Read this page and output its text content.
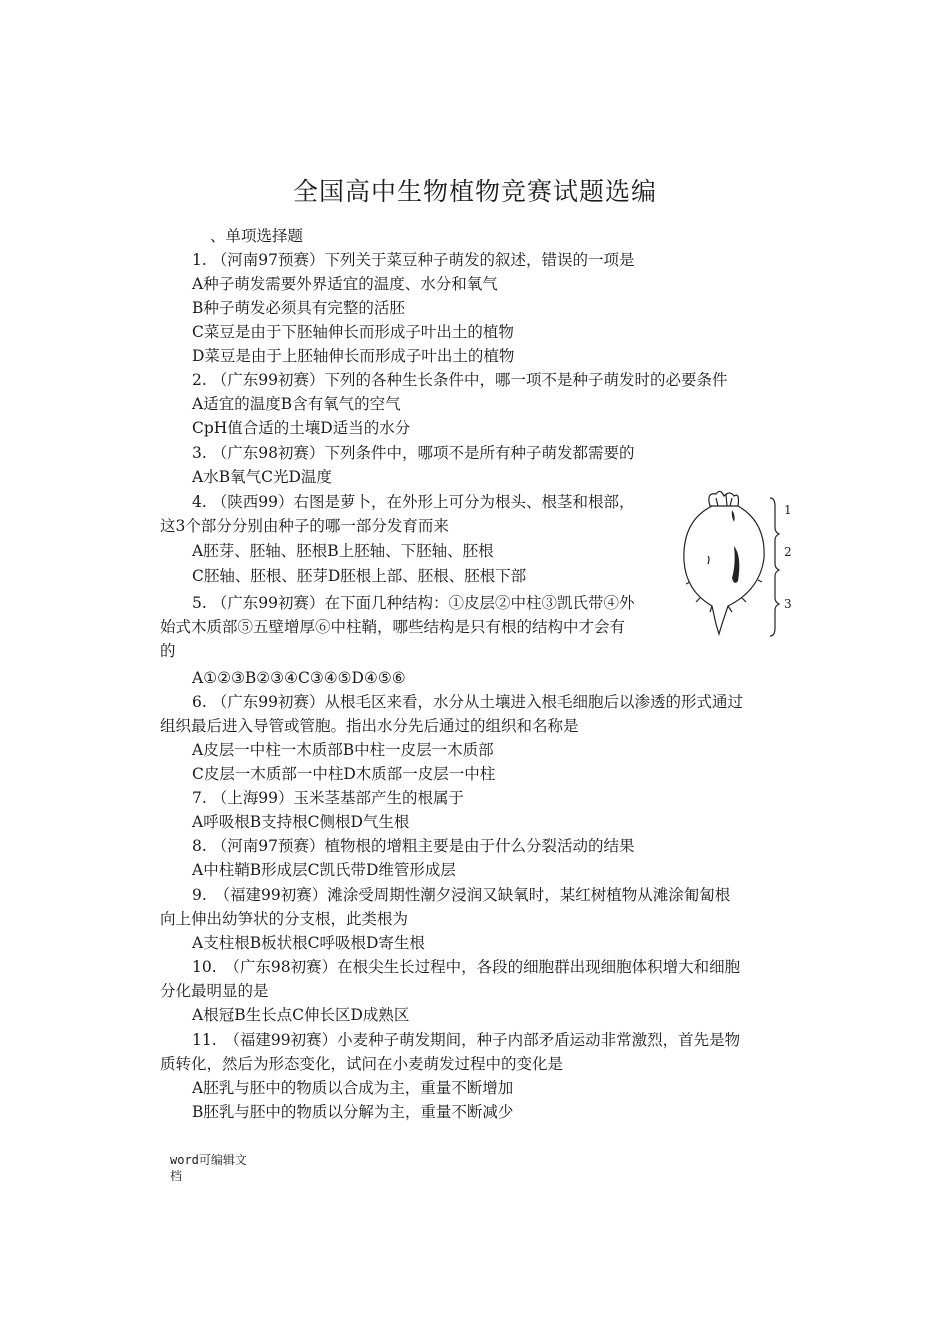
全国高中生物植物竞赛试题选编
、单项选择题
1. （河南97预赛）下列关于菜豆种子萌发的叙述，错误的一项是
A种子萌发需要外界适宜的温度、水分和氧气
B种子萌发必须具有完整的活胚
C菜豆是由于下胚轴伸长而形成子叶出土的植物
D菜豆是由于上胚轴伸长而形成子叶出土的植物
2. （广东99初赛）下列的各种生长条件中，哪一项不是种子萌发时的必要条件
A适宜的温度B含有氧气的空气
CpH值合适的土壤D适当的水分
3. （广东98初赛）下列条件中，哪项不是所有种子萌发都需要的
A水B氧气C光D温度
4. （陕西99）右图是萝卜，在外形上可分为根头、根茎和根部，
这3个部分分别由种子的哪一部分发育而来
A胚芽、胚轴、胚根B上胚轴、下胚轴、胚根
C胚轴、胚根、胚芽D胚根上部、胚根、胚根下部
5. （广东99初赛）在下面几种结构：①皮层②中柱③凯氏带④外
始式木质部⑤五壁增厚⑥中柱鞘，哪些结构是只有根的结构中才会有
的
A①②③B②③④C③④⑤D④⑤⑥
6. （广东99初赛）从根毛区来看，水分从土壤进入根毛细胞后以渗透的形式通过
组织最后进入导管或管胞。指出水分先后通过的组织和名称是
A皮层一中柱一木质部B中柱一皮层一木质部
C皮层一木质部一中柱D木质部一皮层一中柱
7. （上海99）玉米茎基部产生的根属于
A呼吸根B支持根C侧根D气生根
8. （河南97预赛）植物根的增粗主要是由于什么分裂活动的结果
A中柱鞘B形成层C凯氏带D维管形成层
9.　（福建99初赛）滩涂受周期性潮夕浸润又缺氧时，某红树植物从滩涂匍匐根
向上伸出幼笋状的分支根，此类根为
A支柱根B板状根C呼吸根D寄生根
10.　（广东98初赛）在根尖生长过程中，各段的细胞群出现细胞体积增大和细胞
分化最明显的是
A根冠B生长点C伸长区D成熟区
11.　（福建99初赛）小麦种子萌发期间，种子内部矛盾运动非常激烈，首先是物
质转化，然后为形态变化，试问在小麦萌发过程中的变化是
A胚乳与胚中的物质以合成为主，重量不断增加
B胚乳与胚中的物质以分解为主，重量不断减少
1
2
3
word可编辑文
档
